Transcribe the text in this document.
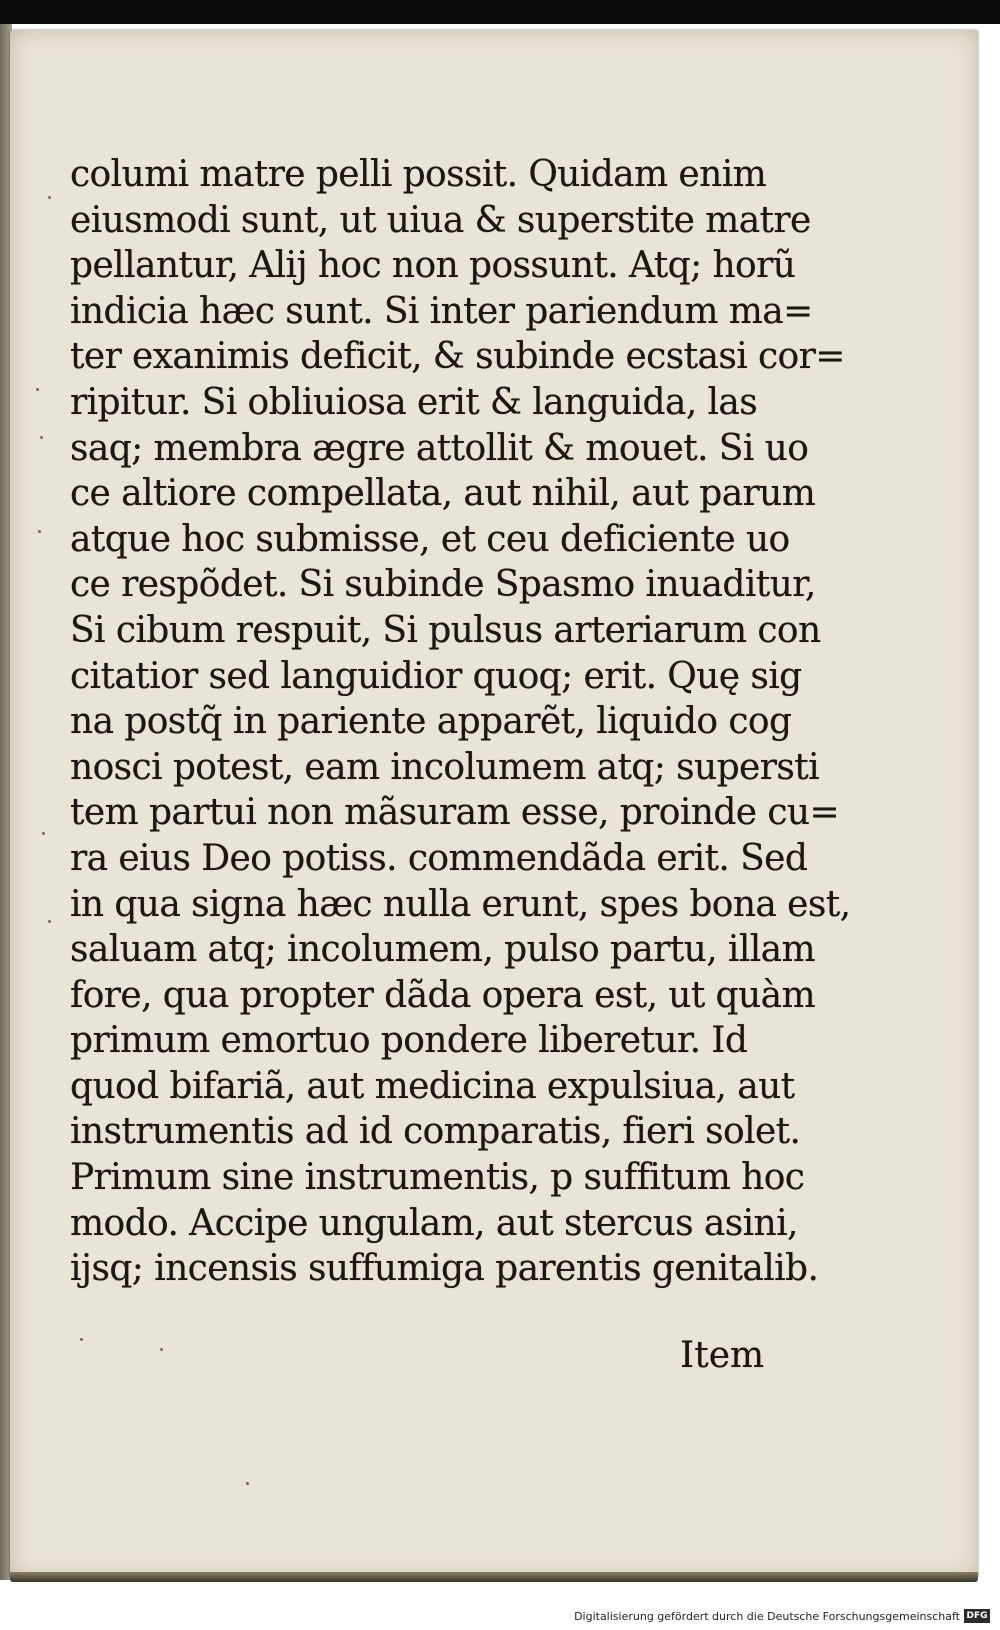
columi matre pelli possit. Quidam enim
eiusmodi sunt, ut uiua & superstite matre
pellantur, Alij hoc non possunt. Atq; horũ
indicia hæc sunt. Si inter pariendum ma=
ter exanimis deficit, & subinde ecstasi cor=
ripitur. Si obliuiosa erit & languida, las
saq; membra ægre attollit & mouet. Si uo
ce altiore compellata, aut nihil, aut parum
atque hoc submisse, et ceu deficiente uo
ce respõdet. Si subinde Spasmo inuaditur,
Si cibum respuit, Si pulsus arteriarum con
citatior sed languidior quoq; erit. Quę sig
na postq̃ in pariente apparẽt, liquido cog
nosci potest, eam incolumem atq; supersti
tem partui non mãsuram esse, proinde cu=
ra eius Deo potiss. commendãda erit. Sed
in qua signa hæc nulla erunt, spes bona est,
saluam atq; incolumem, pulso partu, illam
fore, qua propter dãda opera est, ut quàm
primum emortuo pondere liberetur. Id
quod bifariã, aut medicina expulsiua, aut
instrumentis ad id comparatis, fieri solet.
Primum sine instrumentis, p suffitum hoc
modo. Accipe ungulam, aut stercus asini,
ijsq; incensis suffumiga parentis genitalib.
Item
Digitalisierung gefördert durch die Deutsche Forschungsgemeinschaft DFG
